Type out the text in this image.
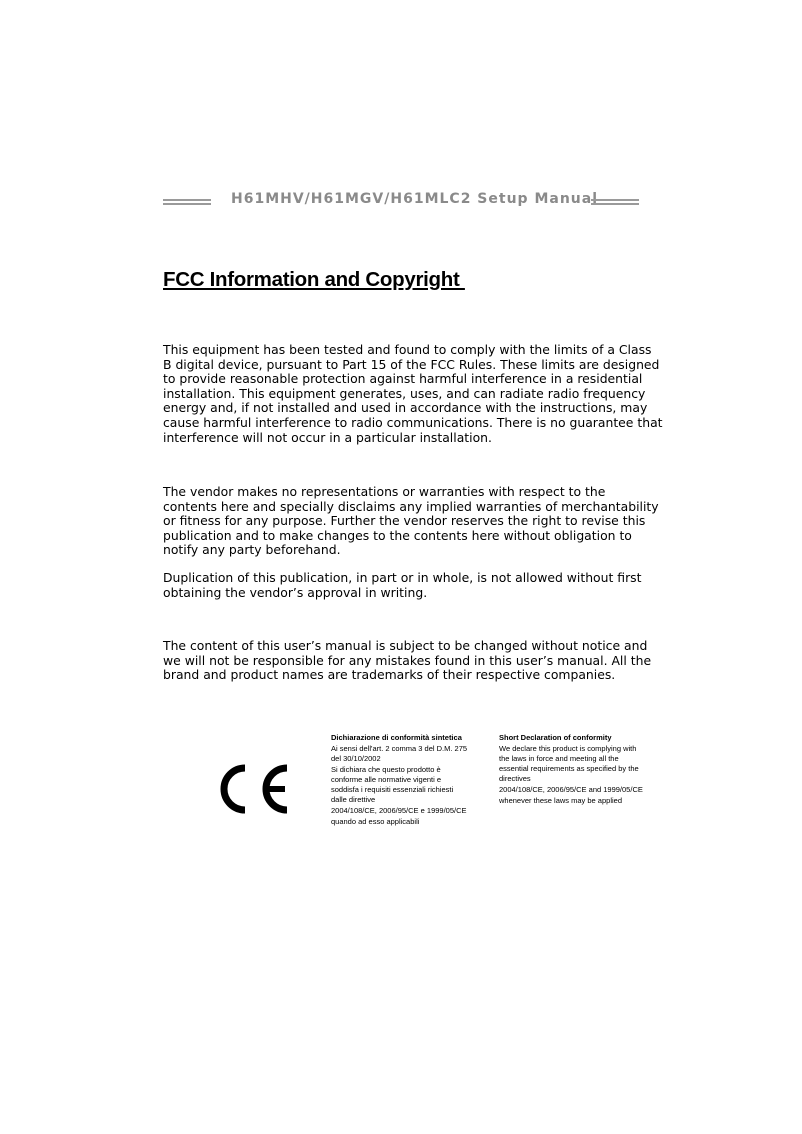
H61MHV/H61MGV/H61MLC2 Setup Manual
FCC Information and Copyright

This equipment has been tested and found to comply with the limits of a Class B digital device, pursuant to Part 15 of the FCC Rules. These limits are designed to provide reasonable protection against harmful interference in a residential installation. This equipment generates, uses, and can radiate radio frequency energy and, if not installed and used in accordance with the instructions, may cause harmful interference to radio communications. There is no guarantee that interference will not occur in a particular installation.

The vendor makes no representations or warranties with respect to the contents here and specially disclaims any implied warranties of merchantability or fitness for any purpose. Further the vendor reserves the right to revise this publication and to make changes to the contents here without obligation to notify any party beforehand.

Duplication of this publication, in part or in whole, is not allowed without first obtaining the vendor’s approval in writing.

The content of this user’s manual is subject to be changed without notice and we will not be responsible for any mistakes found in this user’s manual. All the brand and product names are trademarks of their respective companies.

Dichiarazione di conformità sintetica

Ai sensi dell'art. 2 comma 3 del D.M. 275 del 30/10/2002

Si dichiara che questo prodotto è conforme alle normative vigenti e soddisfa i requisiti essenziali richiesti dalle direttive

2004/108/CE, 2006/95/CE e 1999/05/CE

quando ad esso applicabili

Short Declaration of conformity

We declare this product is complying with the laws in force and meeting all the essential requirements as specified by the directives

2004/108/CE, 2006/95/CE and 1999/05/CE

whenever these laws may be applied
